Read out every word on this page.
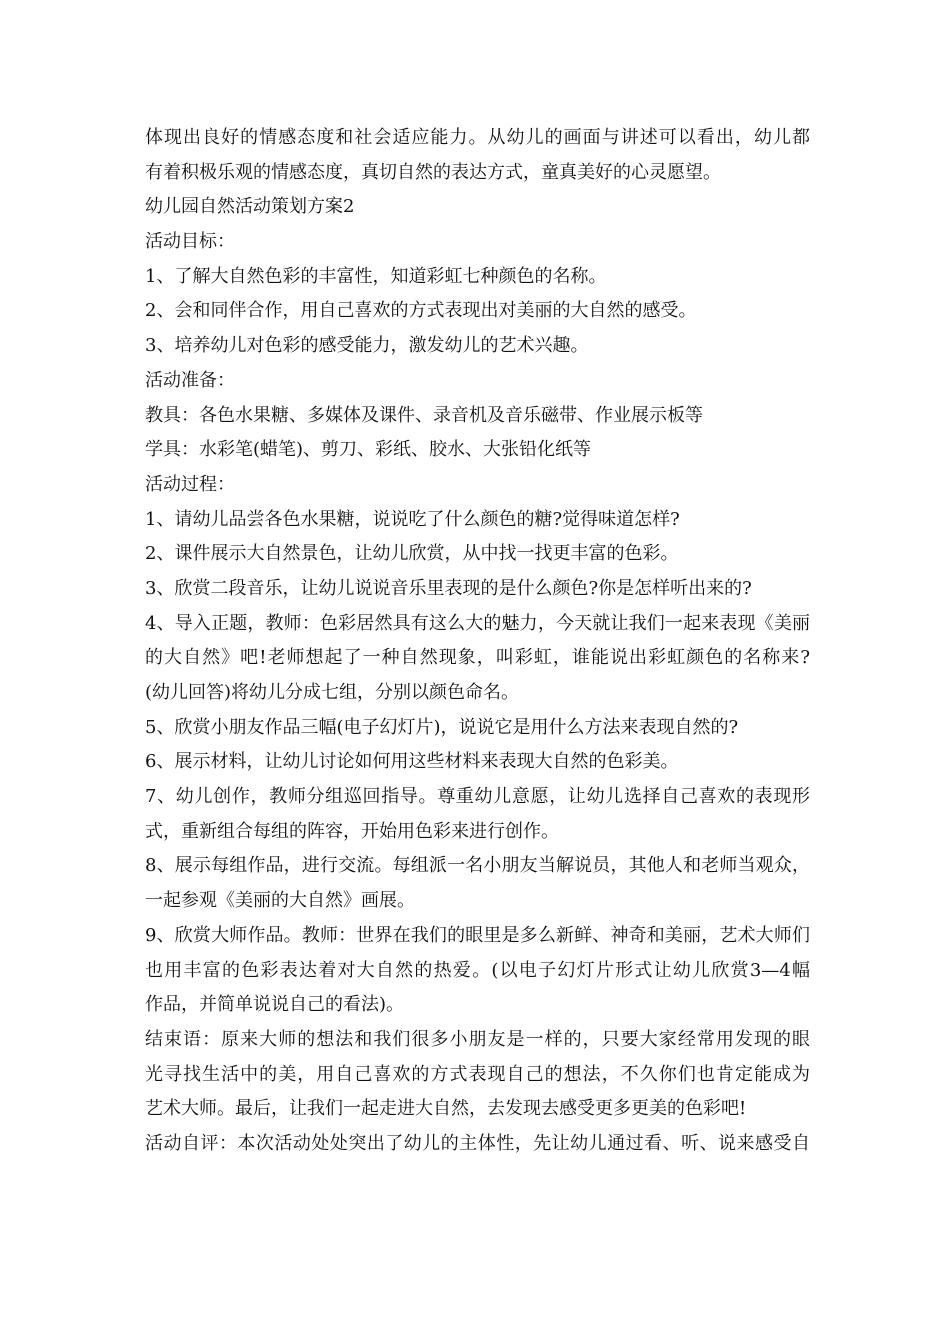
体现出良好的情感态度和社会适应能力。从幼儿的画面与讲述可以看出，幼儿都
有着积极乐观的情感态度，真切自然的表达方式，童真美好的心灵愿望。
幼儿园自然活动策划方案2
活动目标：
1、了解大自然色彩的丰富性，知道彩虹七种颜色的名称。
2、会和同伴合作，用自己喜欢的方式表现出对美丽的大自然的感受。
3、培养幼儿对色彩的感受能力，激发幼儿的艺术兴趣。
活动准备：
教具：各色水果糖、多媒体及课件、录音机及音乐磁带、作业展示板等
学具：水彩笔(蜡笔)、剪刀、彩纸、胶水、大张铅化纸等
活动过程：
1、请幼儿品尝各色水果糖，说说吃了什么颜色的糖?觉得味道怎样?
2、课件展示大自然景色，让幼儿欣赏，从中找一找更丰富的色彩。
3、欣赏二段音乐，让幼儿说说音乐里表现的是什么颜色?你是怎样听出来的?
4、导入正题，教师：色彩居然具有这么大的魅力，今天就让我们一起来表现《美丽
的大自然》吧!老师想起了一种自然现象，叫彩虹，谁能说出彩虹颜色的名称来?
(幼儿回答)将幼儿分成七组，分别以颜色命名。
5、欣赏小朋友作品三幅(电子幻灯片)，说说它是用什么方法来表现自然的?
6、展示材料，让幼儿讨论如何用这些材料来表现大自然的色彩美。
7、幼儿创作，教师分组巡回指导。尊重幼儿意愿，让幼儿选择自己喜欢的表现形
式，重新组合每组的阵容，开始用色彩来进行创作。
8、展示每组作品，进行交流。每组派一名小朋友当解说员，其他人和老师当观众，
一起参观《美丽的大自然》画展。
9、欣赏大师作品。教师：世界在我们的眼里是多么新鲜、神奇和美丽，艺术大师们
也用丰富的色彩表达着对大自然的热爱。(以电子幻灯片形式让幼儿欣赏3—4幅
作品，并简单说说自己的看法)。
结束语：原来大师的想法和我们很多小朋友是一样的，只要大家经常用发现的眼
光寻找生活中的美，用自己喜欢的方式表现自己的想法，不久你们也肯定能成为
艺术大师。最后，让我们一起走进大自然，去发现去感受更多更美的色彩吧!
活动自评：本次活动处处突出了幼儿的主体性，先让幼儿通过看、听、说来感受自
